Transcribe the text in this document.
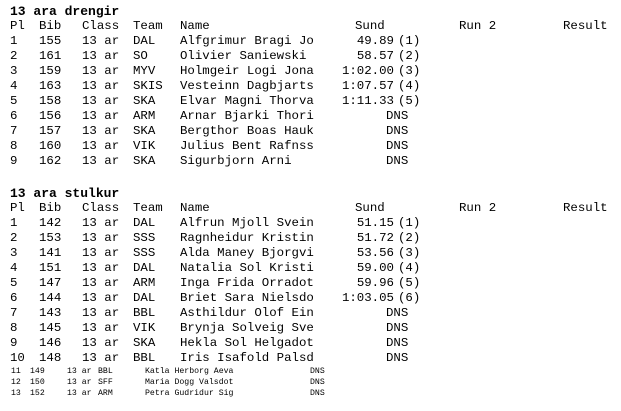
13 ara drengir
Pl Bib Class Team Name	Sund	Run 2	Result
1 155 13 ar DAL Alfgrimur Bragi Jo	49.89 (1)
2 161 13 ar SO	Olivier Saniewski	58.57 (2)
3 159 13 ar MYV Holmgeir Logi Jona 1:02.00 (3)
4 163 13 ar SKIS Vesteinn Dagbjarts 1:07.57 (4)
5 158 13 ar SKA Elvar Magni Thorva 1:11.33 (5)
6 156 13 ar ARM Arnar Bjarki Thori	DNS
7 157 13 ar SKA Bergthor Boas Hauk	DNS
8 160 13 ar VIK Julius Bent Rafnss	DNS
9 162 13 ar SKA Sigurbjorn Arni	DNS
13 ara stulkur
Pl Bib Class Team Name	Sund	Run 2	Result
1 142 13 ar DAL Alfrun Mjoll Svein	51.15 (1)
2 153 13 ar SSS Ragnheidur Kristin	51.72 (2)
3 141 13 ar SSS Alda Maney Bjorgvi	53.56 (3)
4 151 13 ar DAL Natalia Sol Kristi	59.00 (4)
5 147 13 ar ARM Inga Frida Orradot	59.96 (5)
6 144 13 ar DAL Briet Sara Nielsdo 1:03.05 (6)
7 143 13 ar BBL Asthildur Olof Ein	DNS
8 145 13 ar VIK Brynja Solveig Sve	DNS
9 146 13 ar SKA Hekla Sol Helgadot	DNS
10 148 13 ar BBL Iris Isafold Palsd	DNS
11 149	13 ar BBL	Katla Herborg Aeva	DNS
12 150	13 ar SFF	Maria Dogg Valsdot	DNS
13 152	13 ar ARM	Petra Gudridur Sig	DNS
